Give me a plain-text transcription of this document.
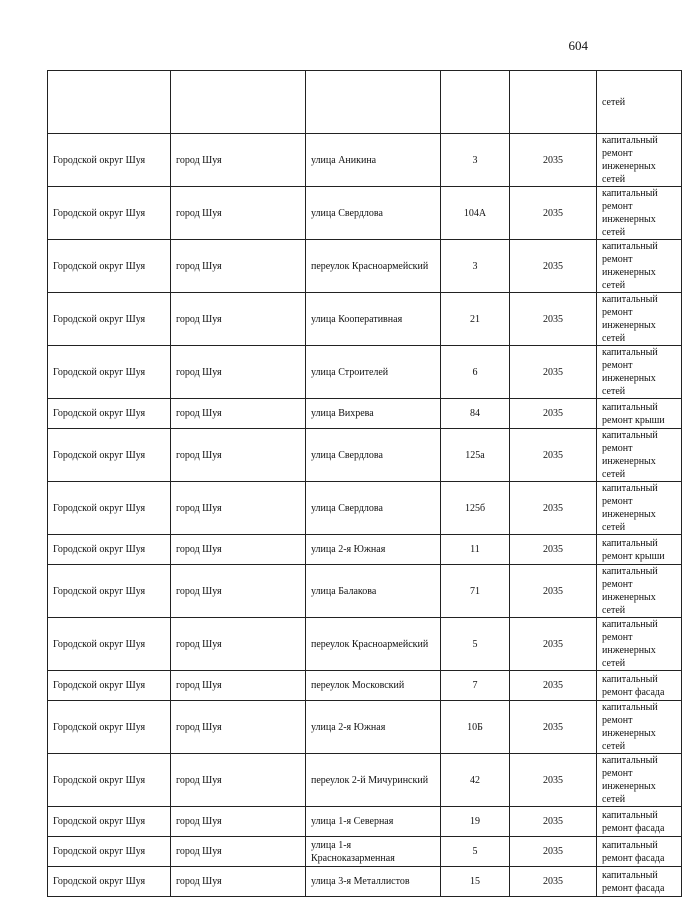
604
					сетей
Городской округ Шуя	город Шуя	улица Аникина	3	2035	капитальный ремонт инженерных сетей
Городской округ Шуя	город Шуя	улица Свердлова	104А	2035	капитальный ремонт инженерных сетей
Городской округ Шуя	город Шуя	переулок Красноармейский	3	2035	капитальный ремонт инженерных сетей
Городской округ Шуя	город Шуя	улица Кооперативная	21	2035	капитальный ремонт инженерных сетей
Городской округ Шуя	город Шуя	улица Строителей	6	2035	капитальный ремонт инженерных сетей
Городской округ Шуя	город Шуя	улица Вихрева	84	2035	капитальный ремонт крыши
Городской округ Шуя	город Шуя	улица Свердлова	125а	2035	капитальный ремонт инженерных сетей
Городской округ Шуя	город Шуя	улица Свердлова	125б	2035	капитальный ремонт инженерных сетей
Городской округ Шуя	город Шуя	улица 2-я Южная	11	2035	капитальный ремонт крыши
Городской округ Шуя	город Шуя	улица Балакова	71	2035	капитальный ремонт инженерных сетей
Городской округ Шуя	город Шуя	переулок Красноармейский	5	2035	капитальный ремонт инженерных сетей
Городской округ Шуя	город Шуя	переулок Московский	7	2035	капитальный ремонт фасада
Городской округ Шуя	город Шуя	улица 2-я Южная	10Б	2035	капитальный ремонт инженерных сетей
Городской округ Шуя	город Шуя	переулок 2-й Мичуринский	42	2035	капитальный ремонт инженерных сетей
Городской округ Шуя	город Шуя	улица 1-я Северная	19	2035	капитальный ремонт фасада
Городской округ Шуя	город Шуя	улица 1-я Красноказарменная	5	2035	капитальный ремонт фасада
Городской округ Шуя	город Шуя	улица 3-я Металлистов	15	2035	капитальный ремонт фасада
